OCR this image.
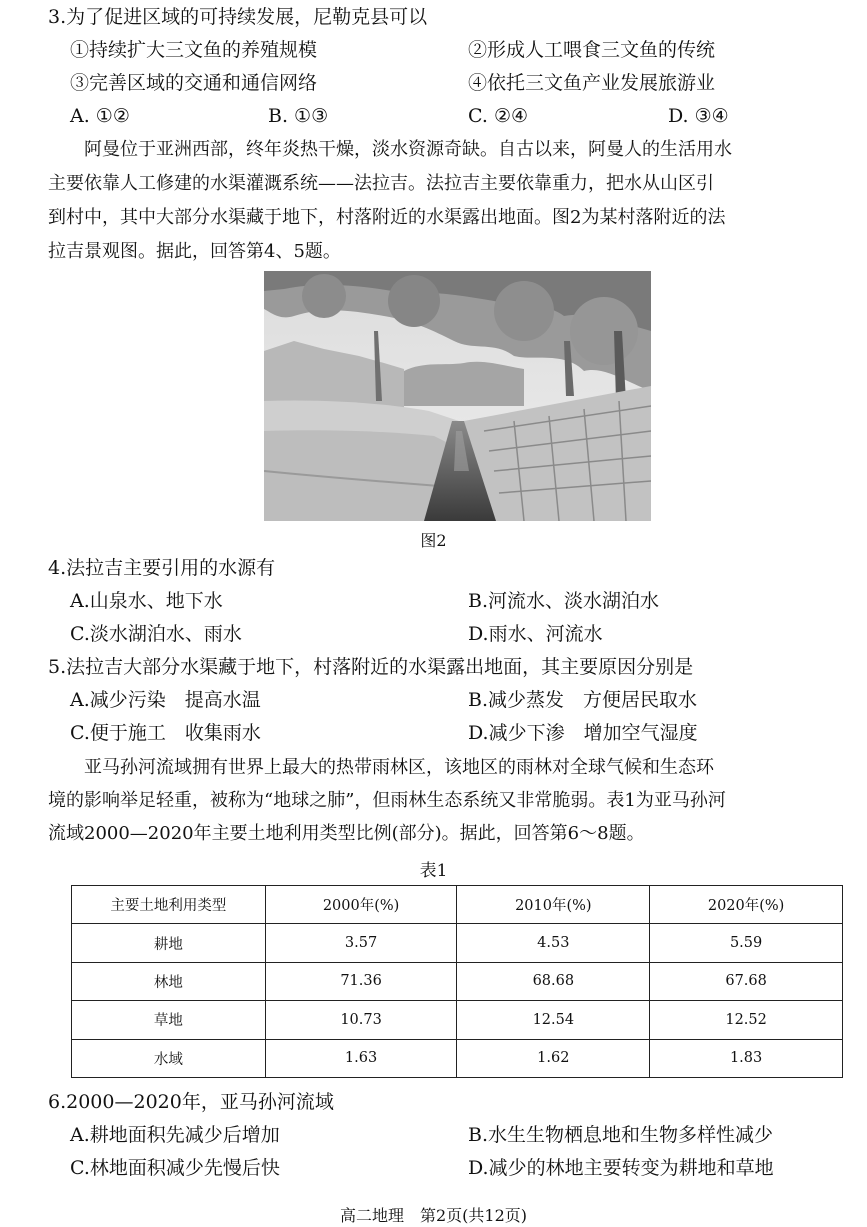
3.为了促进区域的可持续发展，尼勒克县可以
①持续扩大三文鱼的养殖规模	②形成人工喂食三文鱼的传统
③完善区域的交通和通信网络	④依托三文鱼产业发展旅游业
A. ①②	B. ①③	C. ②④	D. ③④
　　阿曼位于亚洲西部，终年炎热干燥，淡水资源奇缺。自古以来，阿曼人的生活用水
主要依靠人工修建的水渠灌溉系统——法拉吉。法拉吉主要依靠重力，把水从山区引
到村中，其中大部分水渠藏于地下，村落附近的水渠露出地面。图2为某村落附近的法
拉吉景观图。据此，回答第4、5题。
图2
4.法拉吉主要引用的水源有
A.山泉水、地下水	B.河流水、淡水湖泊水
C.淡水湖泊水、雨水	D.雨水、河流水
5.法拉吉大部分水渠藏于地下，村落附近的水渠露出地面，其主要原因分别是
A.减少污染　提高水温	B.减少蒸发　方便居民取水
C.便于施工　收集雨水	D.减少下渗　增加空气湿度
　　亚马孙河流域拥有世界上最大的热带雨林区，该地区的雨林对全球气候和生态环
境的影响举足轻重，被称为“地球之肺”，但雨林生态系统又非常脆弱。表1为亚马孙河
流域2000—2020年主要土地利用类型比例(部分)。据此，回答第6～8题。
表1
主要土地利用类型	2000年(%)	2010年(%)	2020年(%)
耕地	3.57	4.53	5.59
林地	71.36	68.68	67.68
草地	10.73	12.54	12.52
水域	1.63	1.62	1.83
6.2000—2020年，亚马孙河流域
A.耕地面积先减少后增加	B.水生生物栖息地和生物多样性减少
C.林地面积减少先慢后快	D.减少的林地主要转变为耕地和草地
高二地理　第2页(共12页)
